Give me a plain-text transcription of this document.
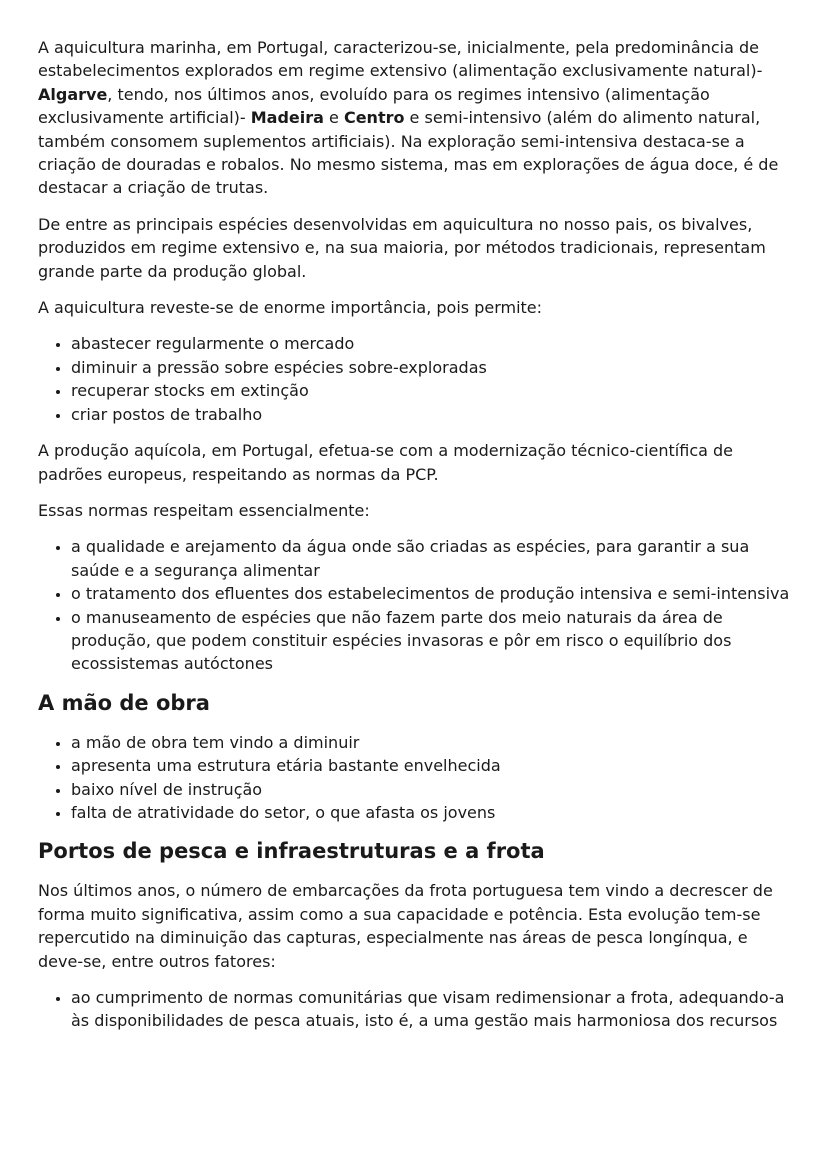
A aquicultura marinha, em Portugal, caracterizou-se, inicialmente, pela predominância de estabelecimentos explorados em regime extensivo (alimentação exclusivamente natural)- Algarve, tendo, nos últimos anos, evoluído para os regimes intensivo (alimentação exclusivamente artificial)- Madeira e Centro e semi-intensivo (além do alimento natural, também consomem suplementos artificiais). Na exploração semi-intensiva destaca-se a criação de douradas e robalos. No mesmo sistema, mas em explorações de água doce, é de destacar a criação de trutas.

De entre as principais espécies desenvolvidas em aquicultura no nosso pais, os bivalves, produzidos em regime extensivo e, na sua maioria, por métodos tradicionais, representam grande parte da produção global.

A aquicultura reveste-se de enorme importância, pois permite:

• abastecer regularmente o mercado
• diminuir a pressão sobre espécies sobre-exploradas
• recuperar stocks em extinção
• criar postos de trabalho

A produção aquícola, em Portugal, efetua-se com a modernização técnico-científica de padrões europeus, respeitando as normas da PCP.

Essas normas respeitam essencialmente:

• a qualidade e arejamento da água onde são criadas as espécies, para garantir a sua saúde e a segurança alimentar
• o tratamento dos efluentes dos estabelecimentos de produção intensiva e semi-intensiva
• o manuseamento de espécies que não fazem parte dos meio naturais da área de produção, que podem constituir espécies invasoras e pôr em risco o equilíbrio dos ecossistemas autóctones
A mão de obra
• a mão de obra tem vindo a diminuir
• apresenta uma estrutura etária bastante envelhecida
• baixo nível de instrução
• falta de atratividade do setor, o que afasta os jovens
Portos de pesca e infraestruturas e a frota

Nos últimos anos, o número de embarcações da frota portuguesa tem vindo a decrescer de forma muito significativa, assim como a sua capacidade e potência. Esta evolução tem-se repercutido na diminuição das capturas, especialmente nas áreas de pesca longínqua, e deve-se, entre outros fatores:

• ao cumprimento de normas comunitárias que visam redimensionar a frota, adequando-a às disponibilidades de pesca atuais, isto é, a uma gestão mais harmoniosa dos recursos
